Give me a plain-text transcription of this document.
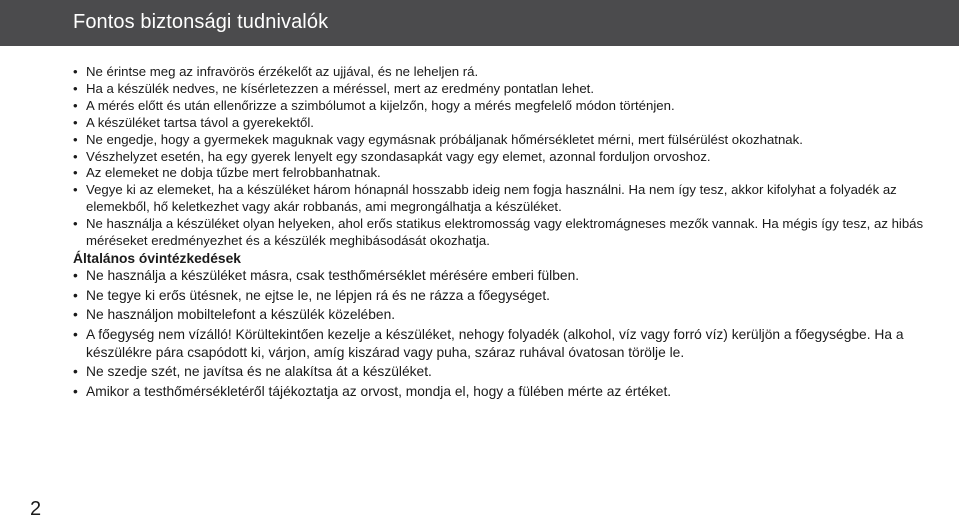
Fontos biztonsági tudnivalók
• Ne érintse meg az infravörös érzékelőt az ujjával, és ne leheljen rá.
• Ha a készülék nedves, ne kísérletezzen a méréssel, mert az eredmény pontatlan lehet.
• A mérés előtt és után ellenőrizze a szimbólumot a kijelzőn, hogy a mérés megfelelő módon történjen.
• A készüléket tartsa távol a gyerekektől.
• Ne engedje, hogy a gyermekek maguknak vagy egymásnak próbáljanak hőmérsékletet mérni, mert fülsérülést okozhatnak.
• Vészhelyzet esetén, ha egy gyerek lenyelt egy szondasapkát vagy egy elemet, azonnal forduljon orvoshoz.
• Az elemeket ne dobja tűzbe mert felrobbanhatnak.
• Vegye ki az elemeket, ha a készüléket három hónapnál hosszabb ideig nem fogja használni. Ha nem így tesz, akkor kifolyhat a folyadék az elemekből, hő keletkezhet vagy akár robbanás, ami megrongálhatja a készüléket.
• Ne használja a készüléket olyan helyeken, ahol erős statikus elektromosság vagy elektromágneses mezők vannak. Ha mégis így tesz, az hibás méréseket eredményezhet és a készülék meghibásodását okozhatja.
Általános óvintézkedések
• Ne használja a készüléket másra, csak testhőmérséklet mérésére emberi fülben.
• Ne tegye ki erős ütésnek, ne ejtse le, ne lépjen rá és ne rázza a főegységet.
• Ne használjon mobiltelefont a készülék közelében.
• A főegység nem vízálló! Körültekintően kezelje a készüléket, nehogy folyadék (alkohol, víz vagy forró víz) kerüljön a főegységbe. Ha a készülékre pára csapódott ki, várjon, amíg kiszárad vagy puha, száraz ruhával óvatosan törölje le.
• Ne szedje szét, ne javítsa és ne alakítsa át a készüléket.
• Amikor a testhőmérsékletéről tájékoztatja az orvost, mondja el, hogy a fülében mérte az értéket.
2
